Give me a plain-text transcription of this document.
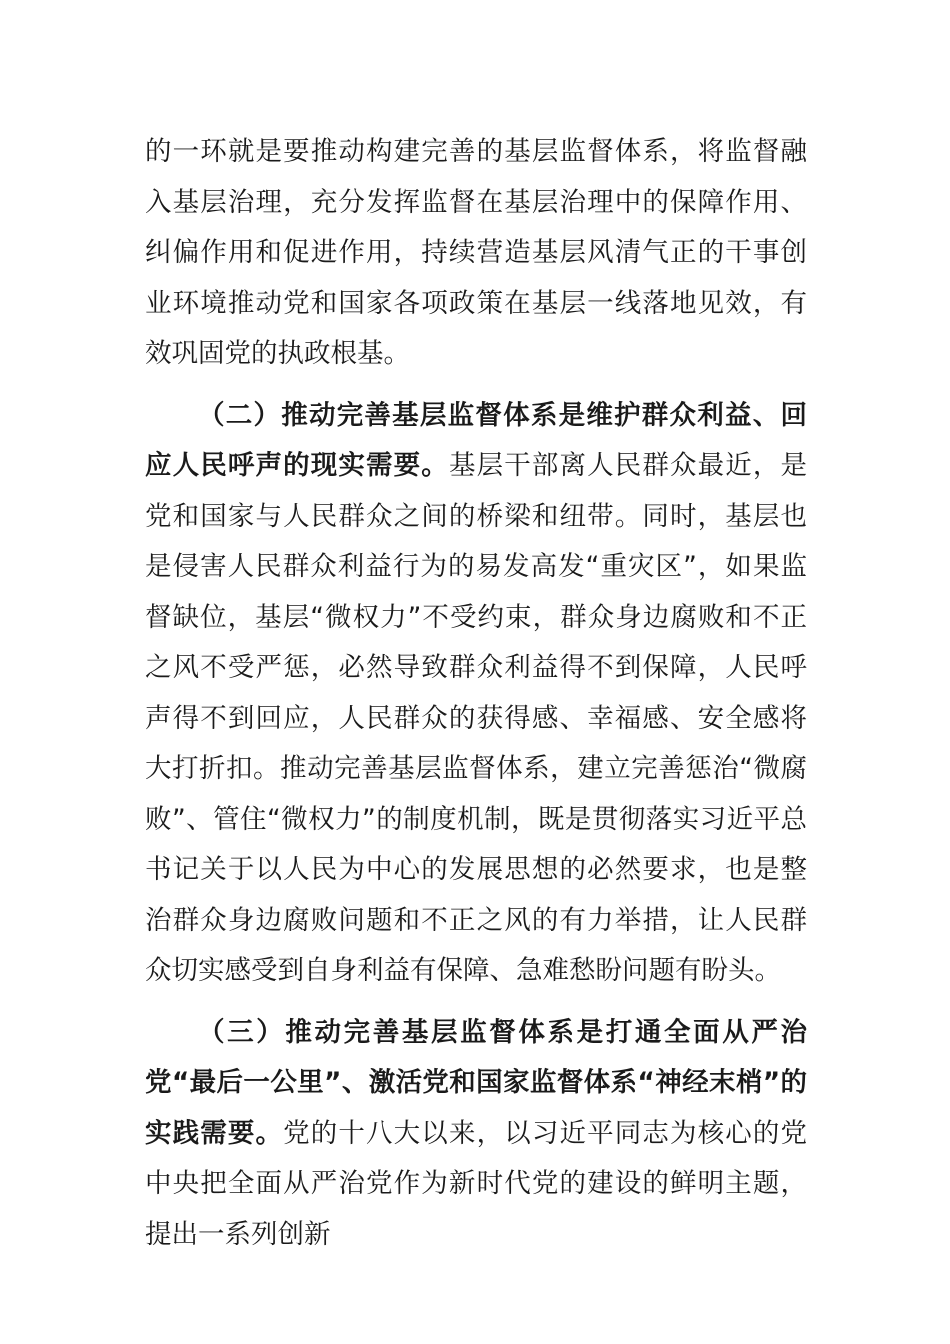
的一环就是要推动构建完善的基层监督体系，将监督融入基层治理，充分发挥监督在基层治理中的保障作用、纠偏作用和促进作用，持续营造基层风清气正的干事创业环境推动党和国家各项政策在基层一线落地见效，有效巩固党的执政根基。

（二）推动完善基层监督体系是维护群众利益、回应人民呼声的现实需要。基层干部离人民群众最近，是党和国家与人民群众之间的桥梁和纽带。同时，基层也是侵害人民群众利益行为的易发高发“重灾区”，如果监督缺位，基层“微权力”不受约束，群众身边腐败和不正之风不受严惩，必然导致群众利益得不到保障，人民呼声得不到回应，人民群众的获得感、幸福感、安全感将大打折扣。推动完善基层监督体系，建立完善惩治“微腐败”、管住“微权力”的制度机制，既是贯彻落实习近平总书记关于以人民为中心的发展思想的必然要求，也是整治群众身边腐败问题和不正之风的有力举措，让人民群众切实感受到自身利益有保障、急难愁盼问题有盼头。

（三）推动完善基层监督体系是打通全面从严治党“最后一公里”、激活党和国家监督体系“神经末梢”的实践需要。党的十八大以来，以习近平同志为核心的党中央把全面从严治党作为新时代党的建设的鲜明主题，提出一系列创新
